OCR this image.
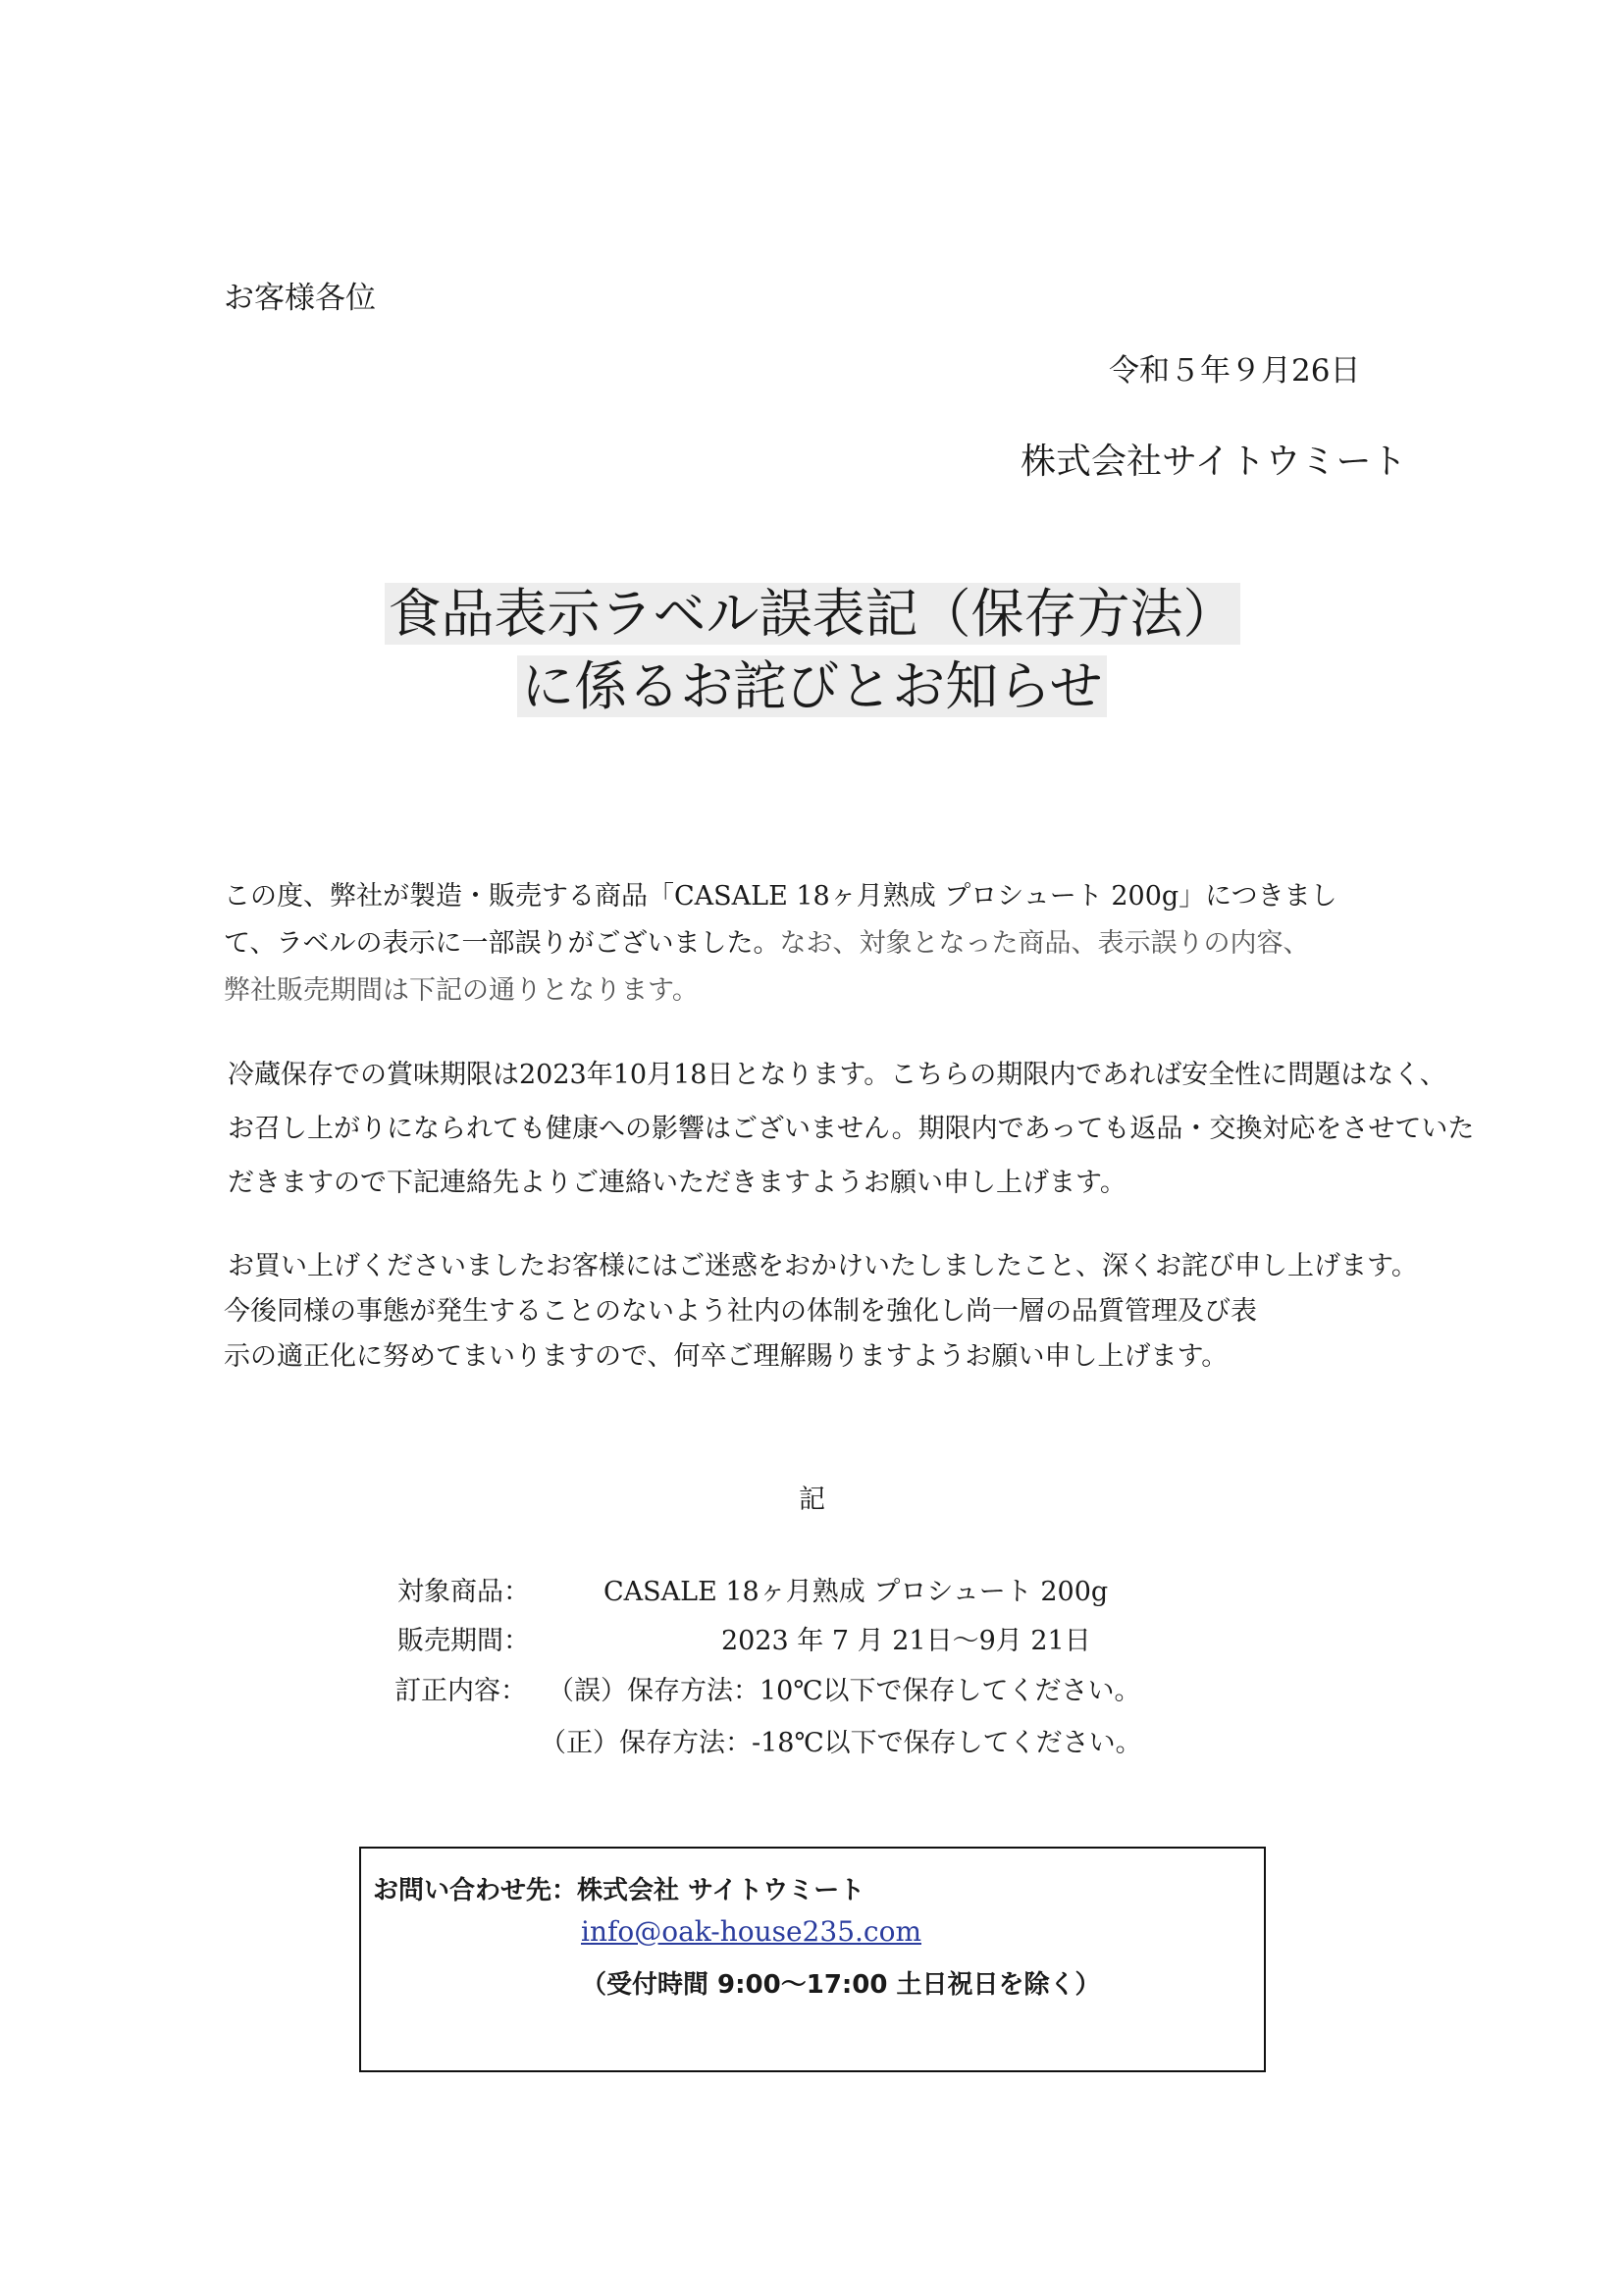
お客様各位
令和５年９月26日
株式会社サイトウミート
食品表示ラベル誤表記（保存方法）
に係るお詫びとお知らせ
この度、弊社が製造・販売する商品「CASALE 18ヶ月熟成 プロシュート 200g」につきまし
て、ラベルの表示に一部誤りがございました。なお、対象となった商品、表示誤りの内容、
弊社販売期間は下記の通りとなります。
冷蔵保存での賞味期限は2023年10月18日となります。こちらの期限内であれば安全性に問題はなく、
お召し上がりになられても健康への影響はございません。期限内であっても返品・交換対応をさせていた
だきますので下記連絡先よりご連絡いただきますようお願い申し上げます。
お買い上げくださいましたお客様にはご迷惑をおかけいたしましたこと、深くお詫び申し上げます。
今後同様の事態が発生することのないよう社内の体制を強化し尚一層の品質管理及び表
示の適正化に努めてまいりますので、何卒ご理解賜りますようお願い申し上げます。
記
対象商品：	CASALE 18ヶ月熟成 プロシュート 200g
販売期間：	2023 年 7 月 21日～9月 21日
訂正内容： （誤）保存方法：10℃以下で保存してください。
（正）保存方法：-18℃以下で保存してください。
お問い合わせ先：株式会社 サイトウミート
info@oak-house235.com
（受付時間 9:00～17:00 土日祝日を除く）
